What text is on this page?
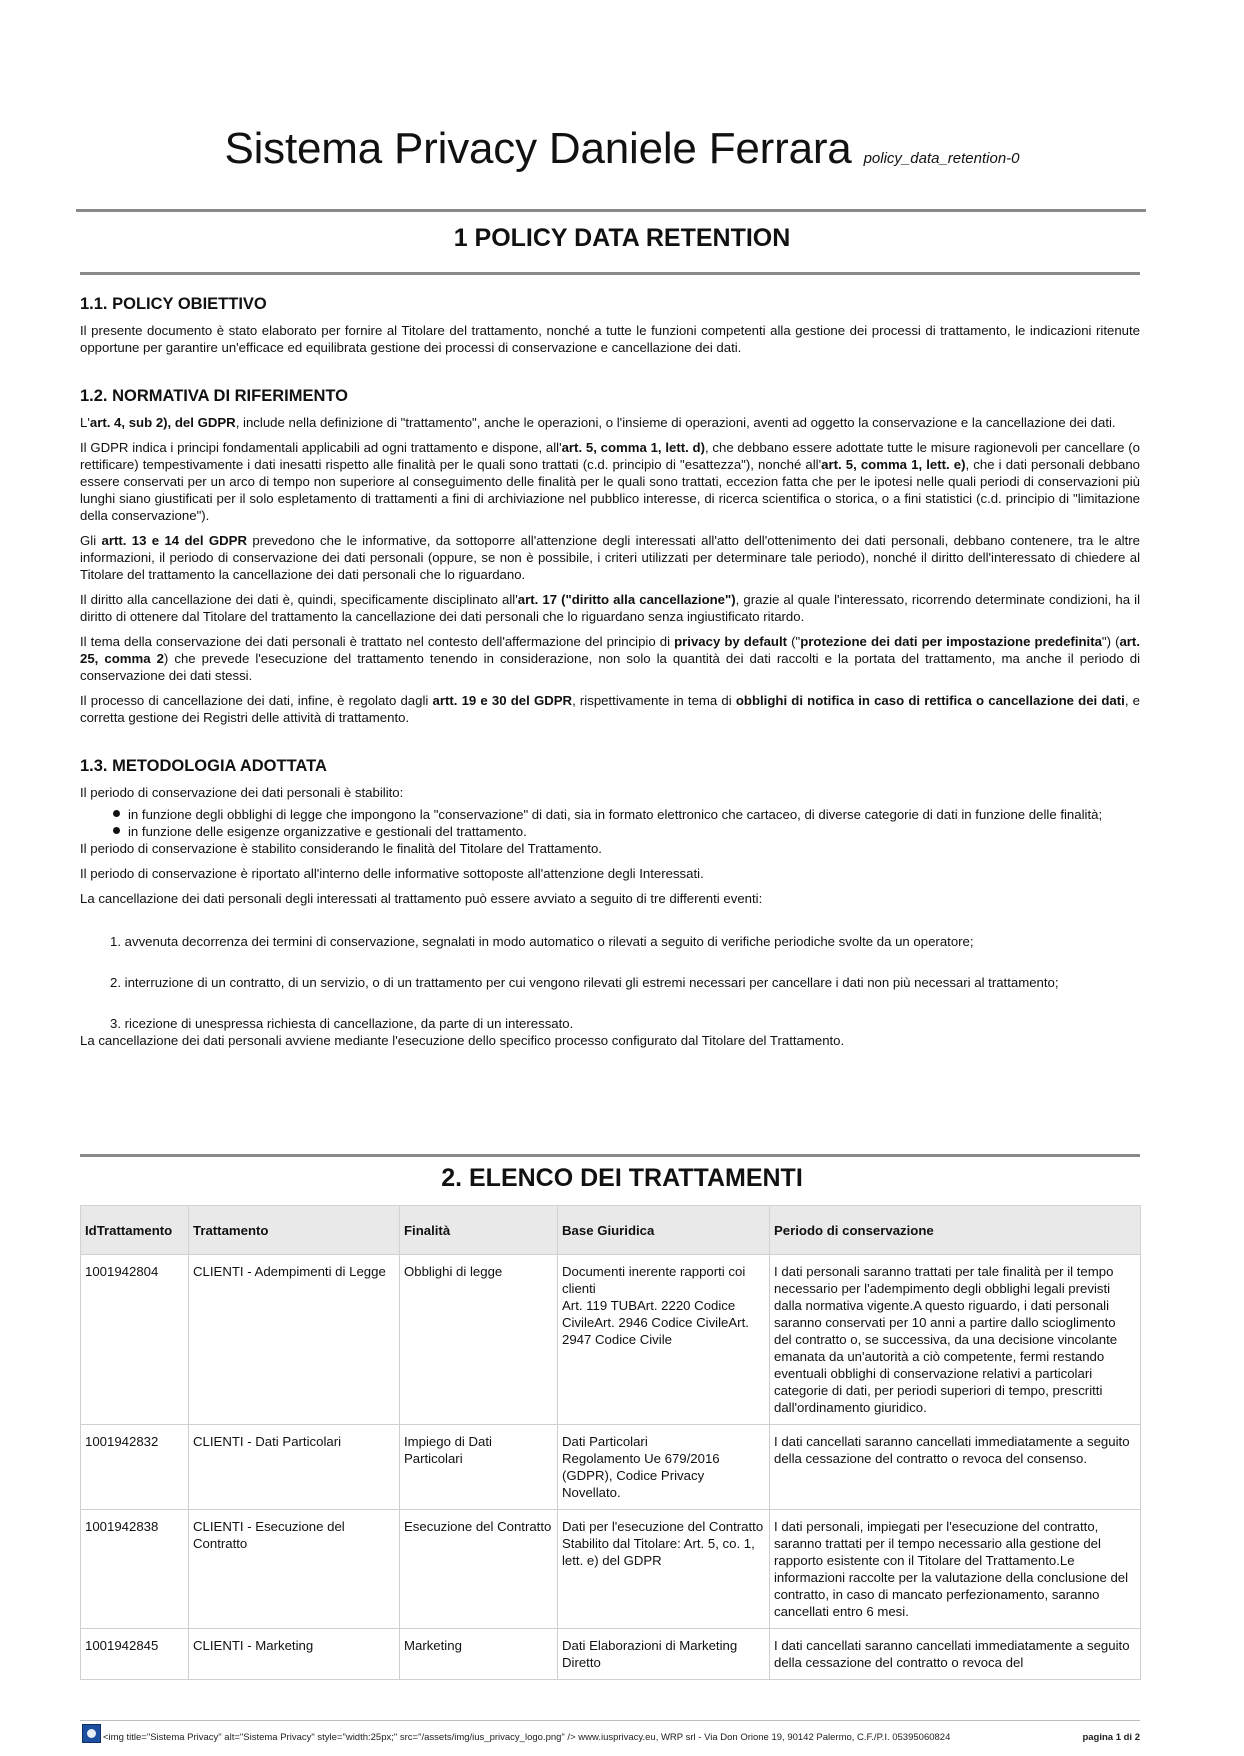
Sistema Privacy Daniele Ferrara policy_data_retention-0
1 POLICY DATA RETENTION
1.1. POLICY OBIETTIVO

Il presente documento è stato elaborato per fornire al Titolare del trattamento, nonché a tutte le funzioni competenti alla gestione dei processi di trattamento, le indicazioni ritenute opportune per garantire un'efficace ed equilibrata gestione dei processi di conservazione e cancellazione dei dati.

1.2. NORMATIVA DI RIFERIMENTO

L'art. 4, sub 2), del GDPR, include nella definizione di "trattamento", anche le operazioni, o l'insieme di operazioni, aventi ad oggetto la conservazione e la cancellazione dei dati.

Il GDPR indica i principi fondamentali applicabili ad ogni trattamento e dispone, all'art. 5, comma 1, lett. d), che debbano essere adottate tutte le misure ragionevoli per cancellare (o rettificare) tempestivamente i dati inesatti rispetto alle finalità per le quali sono trattati (c.d. principio di "esattezza"), nonché all'art. 5, comma 1, lett. e), che i dati personali debbano essere conservati per un arco di tempo non superiore al conseguimento delle finalità per le quali sono trattati, eccezion fatta che per le ipotesi nelle quali periodi di conservazioni più lunghi siano giustificati per il solo espletamento di trattamenti a fini di archiviazione nel pubblico interesse, di ricerca scientifica o storica, o a fini statistici (c.d. principio di "limitazione della conservazione").

Gli artt. 13 e 14 del GDPR prevedono che le informative, da sottoporre all'attenzione degli interessati all'atto dell'ottenimento dei dati personali, debbano contenere, tra le altre informazioni, il periodo di conservazione dei dati personali (oppure, se non è possibile, i criteri utilizzati per determinare tale periodo), nonché il diritto dell'interessato di chiedere al Titolare del trattamento la cancellazione dei dati personali che lo riguardano.

Il diritto alla cancellazione dei dati è, quindi, specificamente disciplinato all'art. 17 ("diritto alla cancellazione"), grazie al quale l'interessato, ricorrendo determinate condizioni, ha il diritto di ottenere dal Titolare del trattamento la cancellazione dei dati personali che lo riguardano senza ingiustificato ritardo.

Il tema della conservazione dei dati personali è trattato nel contesto dell'affermazione del principio di privacy by default ("protezione dei dati per impostazione predefinita") (art. 25, comma 2) che prevede l'esecuzione del trattamento tenendo in considerazione, non solo la quantità dei dati raccolti e la portata del trattamento, ma anche il periodo di conservazione dei dati stessi.

Il processo di cancellazione dei dati, infine, è regolato dagli artt. 19 e 30 del GDPR, rispettivamente in tema di obblighi di notifica in caso di rettifica o cancellazione dei dati, e corretta gestione dei Registri delle attività di trattamento.

1.3. METODOLOGIA ADOTTATA

Il periodo di conservazione dei dati personali è stabilito:

in funzione degli obblighi di legge che impongono la "conservazione" di dati, sia in formato elettronico che cartaceo, di diverse categorie di dati in funzione delle finalità;
in funzione delle esigenze organizzative e gestionali del trattamento.

Il periodo di conservazione è stabilito considerando le finalità del Titolare del Trattamento.

Il periodo di conservazione è riportato all'interno delle informative sottoposte all'attenzione degli Interessati.

La cancellazione dei dati personali degli interessati al trattamento può essere avviato a seguito di tre differenti eventi:

1. avvenuta decorrenza dei termini di conservazione, segnalati in modo automatico o rilevati a seguito di verifiche periodiche svolte da un operatore;
2. interruzione di un contratto, di un servizio, o di un trattamento per cui vengono rilevati gli estremi necessari per cancellare i dati non più necessari al trattamento;
3. ricezione di unespressa richiesta di cancellazione, da parte di un interessato.

La cancellazione dei dati personali avviene mediante l'esecuzione dello specifico processo configurato dal Titolare del Trattamento.

2. ELENCO DEI TRATTAMENTI
IdTrattamento	Trattamento	Finalità	Base Giuridica	Periodo di conservazione
1001942804	CLIENTI - Adempimenti di Legge	Obblighi di legge	Documenti inerente rapporti coi clienti
Art. 119 TUBArt. 2220 Codice CivileArt. 2946 Codice CivileArt. 2947 Codice Civile	I dati personali saranno trattati per tale finalità per il tempo necessario per l'adempimento degli obblighi legali previsti dalla normativa vigente.A questo riguardo, i dati personali saranno conservati per 10 anni a partire dallo scioglimento del contratto o, se successiva, da una decisione vincolante emanata da un'autorità a ciò competente, fermi restando eventuali obblighi di conservazione relativi a particolari categorie di dati, per periodi superiori di tempo, prescritti dall'ordinamento giuridico.
1001942832	CLIENTI - Dati Particolari	Impiego di Dati Particolari	Dati Particolari
Regolamento Ue 679/2016 (GDPR), Codice Privacy Novellato.	I dati cancellati saranno cancellati immediatamente a seguito della cessazione del contratto o revoca del consenso.
1001942838	CLIENTI - Esecuzione del Contratto	Esecuzione del Contratto	Dati per l'esecuzione del Contratto
Stabilito dal Titolare: Art. 5, co. 1, lett. e) del GDPR	I dati personali, impiegati per l'esecuzione del contratto, saranno trattati per il tempo necessario alla gestione del rapporto esistente con il Titolare del Trattamento.Le informazioni raccolte per la valutazione della conclusione del contratto, in caso di mancato perfezionamento, saranno cancellati entro 6 mesi.
1001942845	CLIENTI - Marketing	Marketing	Dati Elaborazioni di Marketing Diretto	I dati cancellati saranno cancellati immediatamente a seguito della cessazione del contratto o revoca del
<img title="Sistema Privacy" alt="Sistema Privacy" style="width:25px;" src="/assets/img/ius_privacy_logo.png" /> www.iusprivacy.eu, WRP srl - Via Don Orione 19, 90142 Palermo, C.F./P.I. 05395060824	pagina 1 di 2
